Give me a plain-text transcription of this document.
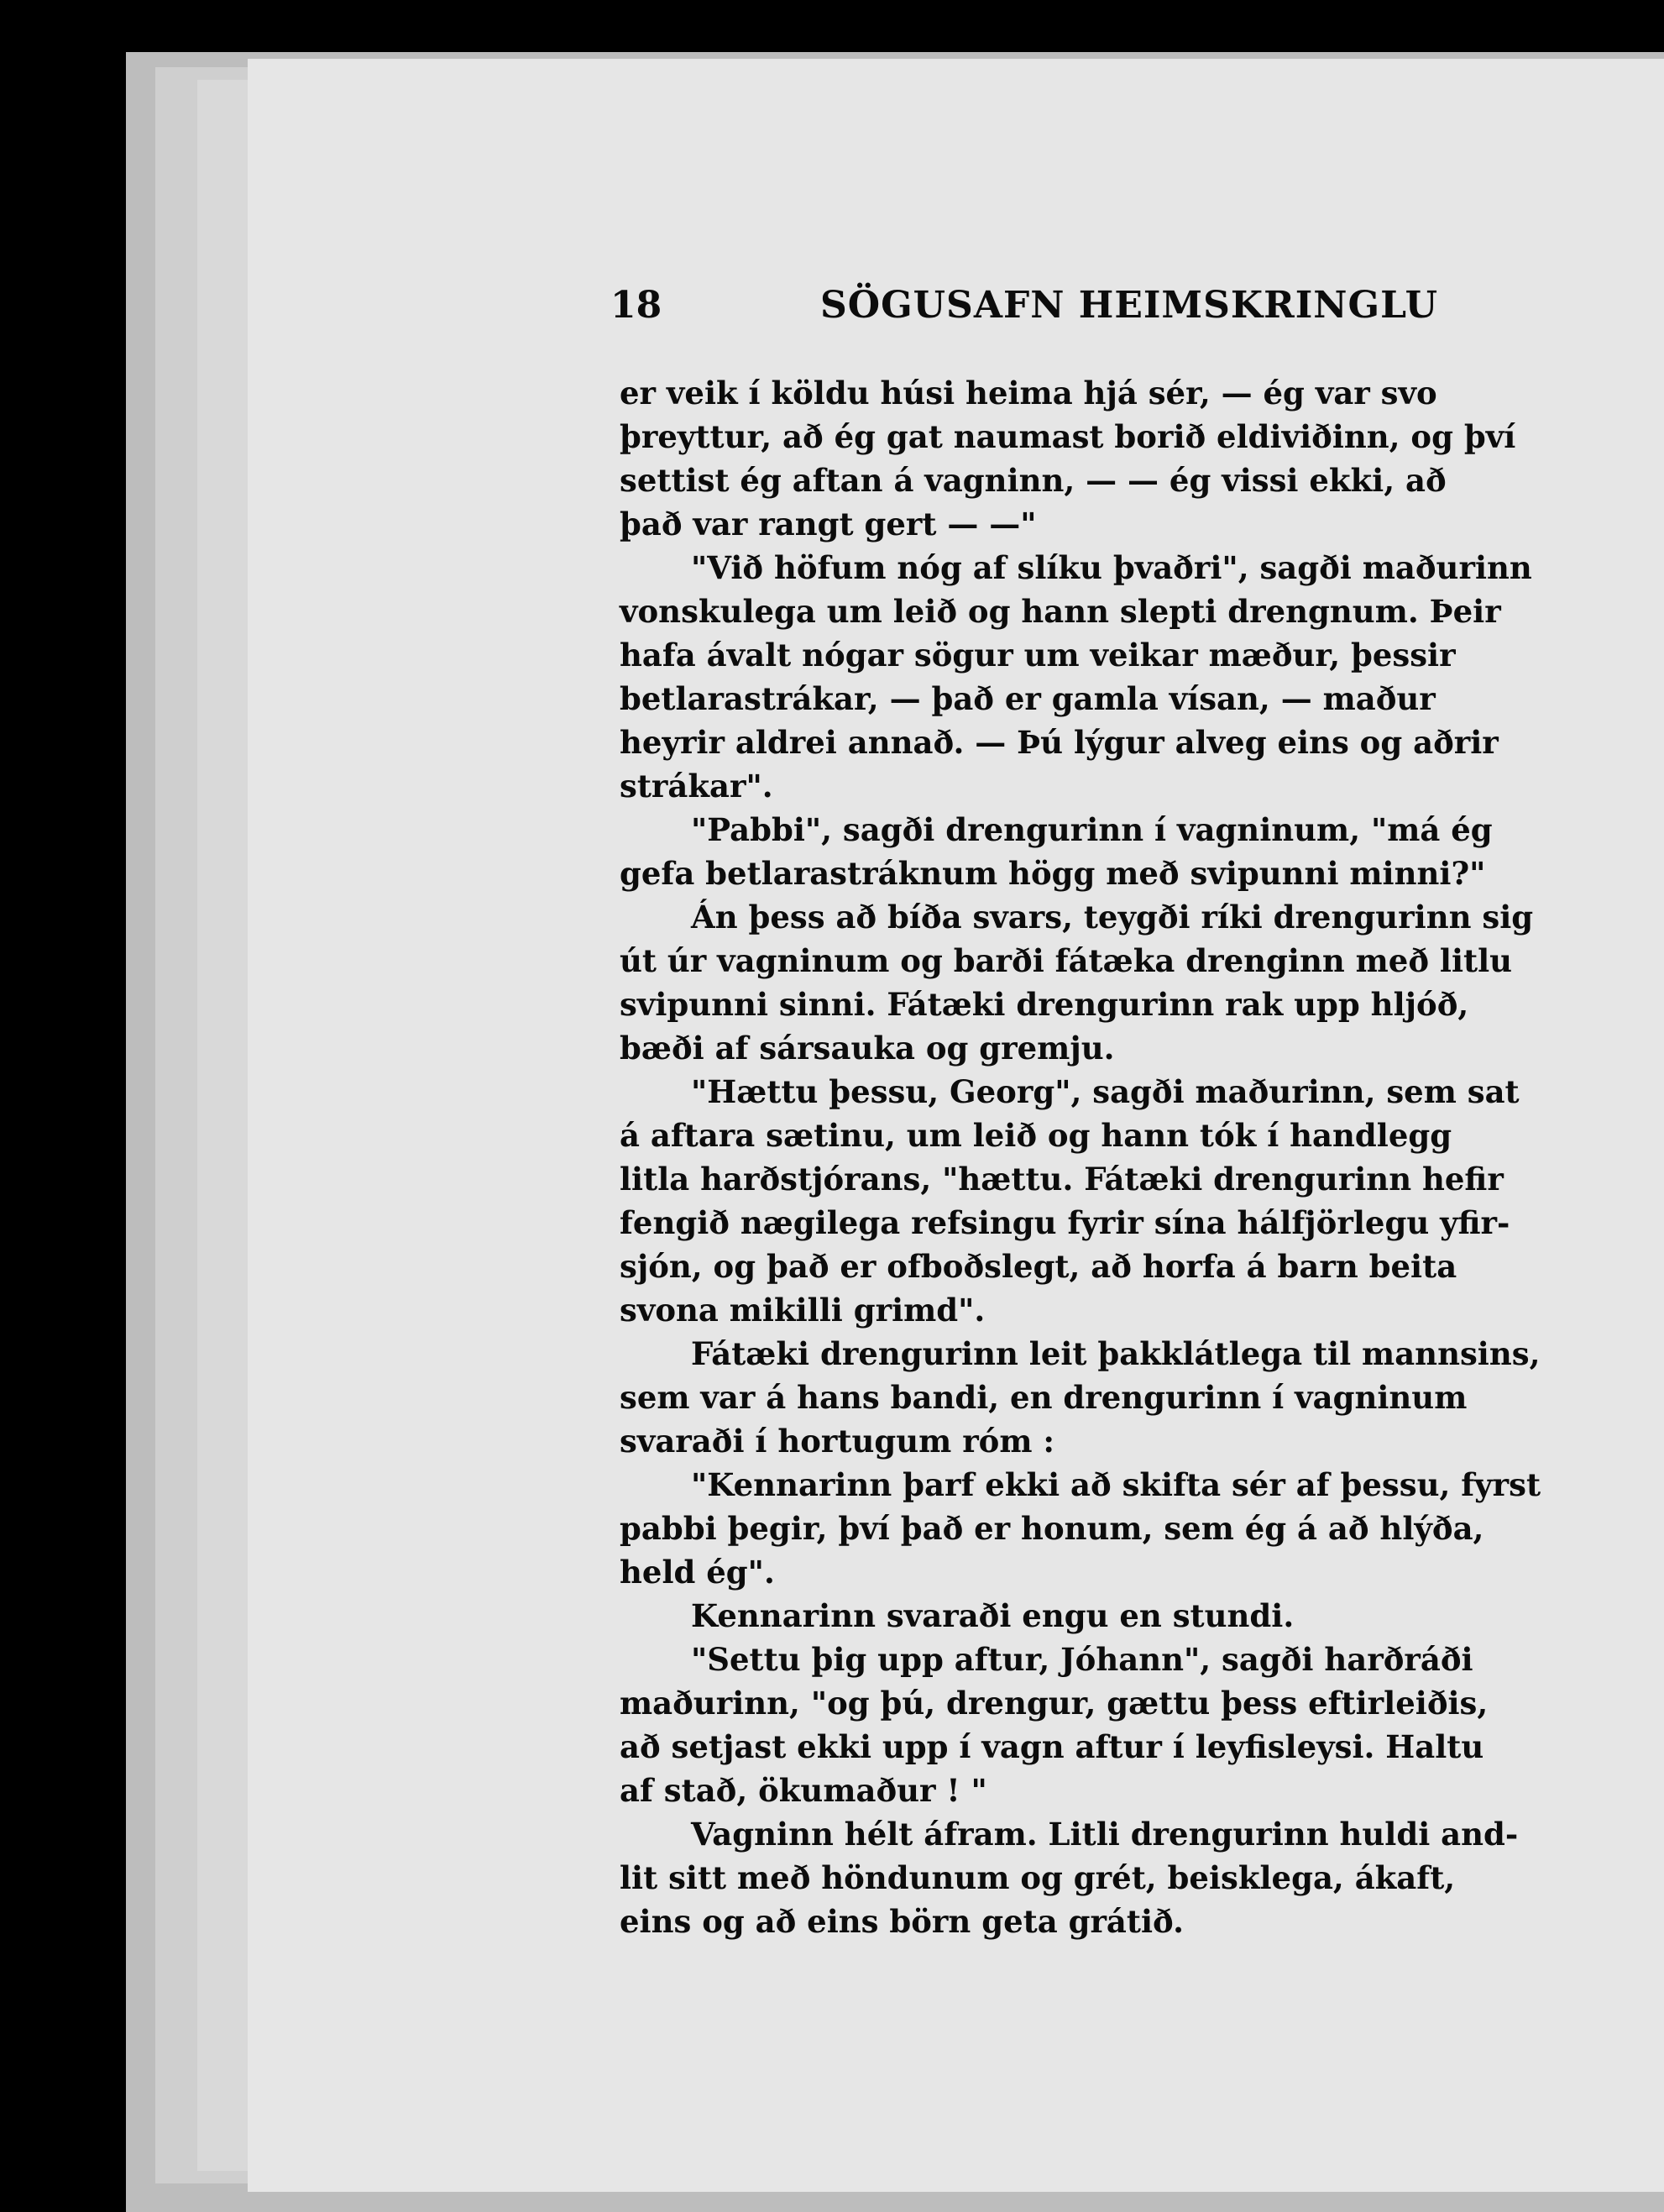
18	SÖGUSAFN HEIMSKRINGLU
er veik í köldu húsi heima hjá sér, — ég var svo
þreyttur, að ég gat naumast borið eldiviðinn, og því
settist ég aftan á vagninn, — — ég vissi ekki, að
það var rangt gert — —"
"Við höfum nóg af slíku þvaðri", sagði maðurinn
vonskulega um leið og hann slepti drengnum. Þeir
hafa ávalt nógar sögur um veikar mæður, þessir
betlarastrákar, — það er gamla vísan, — maður
heyrir aldrei annað. — Þú lýgur alveg eins og aðrir
strákar".
"Pabbi", sagði drengurinn í vagninum, "má ég
gefa betlarastráknum högg með svipunni minni?"
Án þess að bíða svars, teygði ríki drengurinn sig
út úr vagninum og barði fátæka drenginn með litlu
svipunni sinni. Fátæki drengurinn rak upp hljóð,
bæði af sársauka og gremju.
"Hættu þessu, Georg", sagði maðurinn, sem sat
á aftara sætinu, um leið og hann tók í handlegg
litla harðstjórans, "hættu. Fátæki drengurinn hefir
fengið nægilega refsingu fyrir sína hálfjörlegu yfir-
sjón, og það er ofboðslegt, að horfa á barn beita
svona mikilli grimd".
Fátæki drengurinn leit þakklátlega til mannsins,
sem var á hans bandi, en drengurinn í vagninum
svaraði í hortugum róm :
"Kennarinn þarf ekki að skifta sér af þessu, fyrst
pabbi þegir, því það er honum, sem ég á að hlýða,
held ég".
Kennarinn svaraði engu en stundi.
"Settu þig upp aftur, Jóhann", sagði harðráði
maðurinn, "og þú, drengur, gættu þess eftirleiðis,
að setjast ekki upp í vagn aftur í leyfisleysi. Haltu
af stað, ökumaður ! "
Vagninn hélt áfram. Litli drengurinn huldi and-
lit sitt með höndunum og grét, beisklega, ákaft,
eins og að eins börn geta grátið.
